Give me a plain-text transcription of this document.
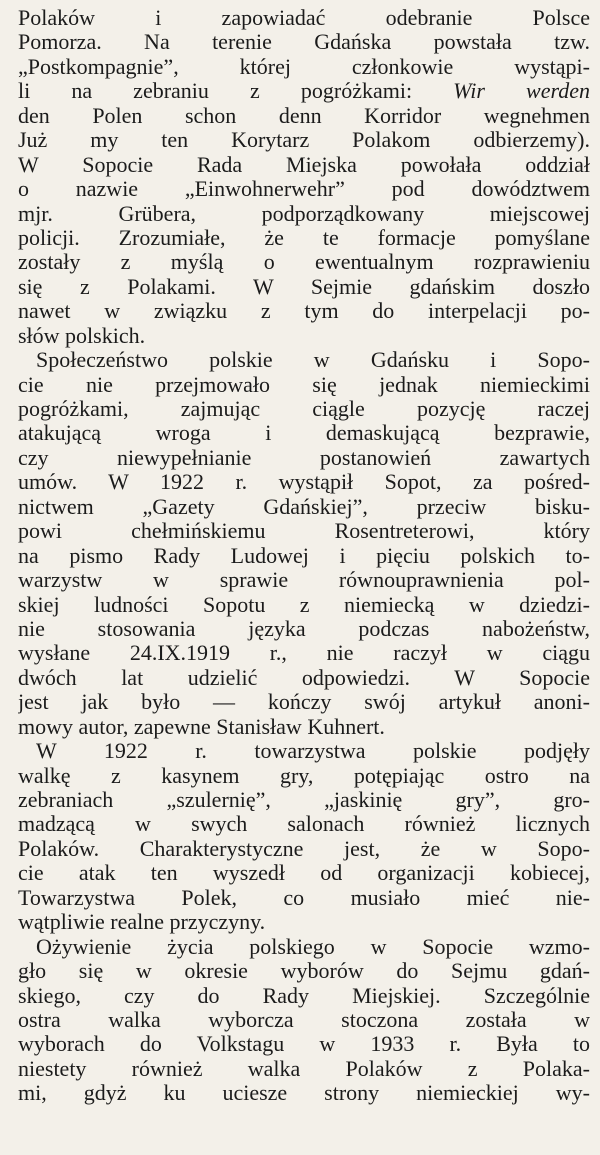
Polaków i zapowiadać odebranie Polsce
Pomorza. Na terenie Gdańska powstała tzw.
„Postkompagnie”, której członkowie wystąpi-
li na zebraniu z pogróżkami: Wir werden
den Polen schon denn Korridor wegnehmen
Już my ten Korytarz Polakom odbierzemy).
W Sopocie Rada Miejska powołała oddział
o nazwie „Einwohnerwehr” pod dowództwem
mjr. Grübera, podporządkowany miejscowej
policji. Zrozumiałe, że te formacje pomyślane
zostały z myślą o ewentualnym rozprawieniu
się z Polakami. W Sejmie gdańskim doszło
nawet w związku z tym do interpelacji po-
słów polskich.
Społeczeństwo polskie w Gdańsku i Sopo-
cie nie przejmowało się jednak niemieckimi
pogróżkami, zajmując ciągle pozycję raczej
atakującą wroga i demaskującą bezprawie,
czy niewypełnianie postanowień zawartych
umów. W 1922 r. wystąpił Sopot, za pośred-
nictwem „Gazety Gdańskiej”, przeciw bisku-
powi chełmińskiemu Rosentreterowi, który
na pismo Rady Ludowej i pięciu polskich to-
warzystw w sprawie równouprawnienia pol-
skiej ludności Sopotu z niemiecką w dziedzi-
nie stosowania języka podczas nabożeństw,
wysłane 24.IX.1919 r., nie raczył w ciągu
dwóch lat udzielić odpowiedzi. W Sopocie
jest jak było — kończy swój artykuł anoni-
mowy autor, zapewne Stanisław Kuhnert.
W 1922 r. towarzystwa polskie podjęły
walkę z kasynem gry, potępiając ostro na
zebraniach „szulernię”, „jaskinię gry”, gro-
madzącą w swych salonach również licznych
Polaków. Charakterystyczne jest, że w Sopo-
cie atak ten wyszedł od organizacji kobiecej,
Towarzystwa Polek, co musiało mieć nie-
wątpliwie realne przyczyny.
Ożywienie życia polskiego w Sopocie wzmo-
gło się w okresie wyborów do Sejmu gdań-
skiego, czy do Rady Miejskiej. Szczególnie
ostra walka wyborcza stoczona została w
wyborach do Volkstagu w 1933 r. Była to
niestety również walka Polaków z Polaka-
mi, gdyż ku uciesze strony niemieckiej wy-
